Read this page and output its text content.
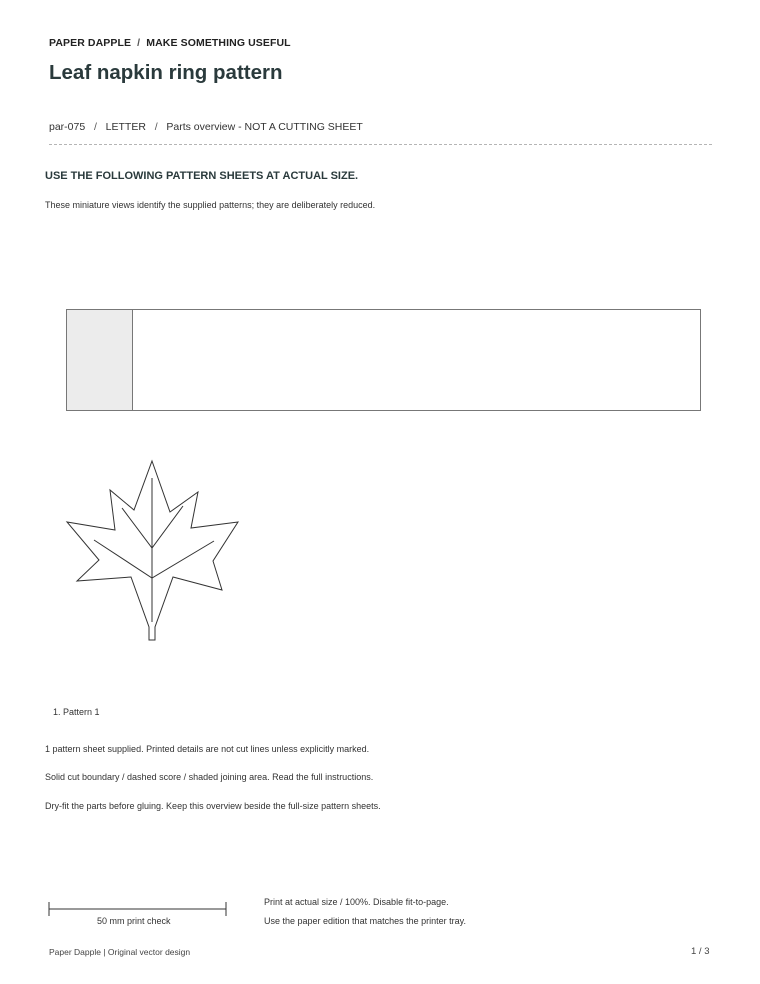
PAPER DAPPLE / MAKE SOMETHING USEFUL
Leaf napkin ring pattern
par-075 / LETTER / Parts overview - NOT A CUTTING SHEET
USE THE FOLLOWING PATTERN SHEETS AT ACTUAL SIZE.
These miniature views identify the supplied patterns; they are deliberately reduced.
1. Pattern 1
1 pattern sheet supplied. Printed details are not cut lines unless explicitly marked.
Solid cut boundary / dashed score / shaded joining area. Read the full instructions.
Dry-fit the parts before gluing. Keep this overview beside the full-size pattern sheets.
50 mm print check
Print at actual size / 100%. Disable fit-to-page.
Use the paper edition that matches the printer tray.
Paper Dapple | Original vector design	1 / 3
